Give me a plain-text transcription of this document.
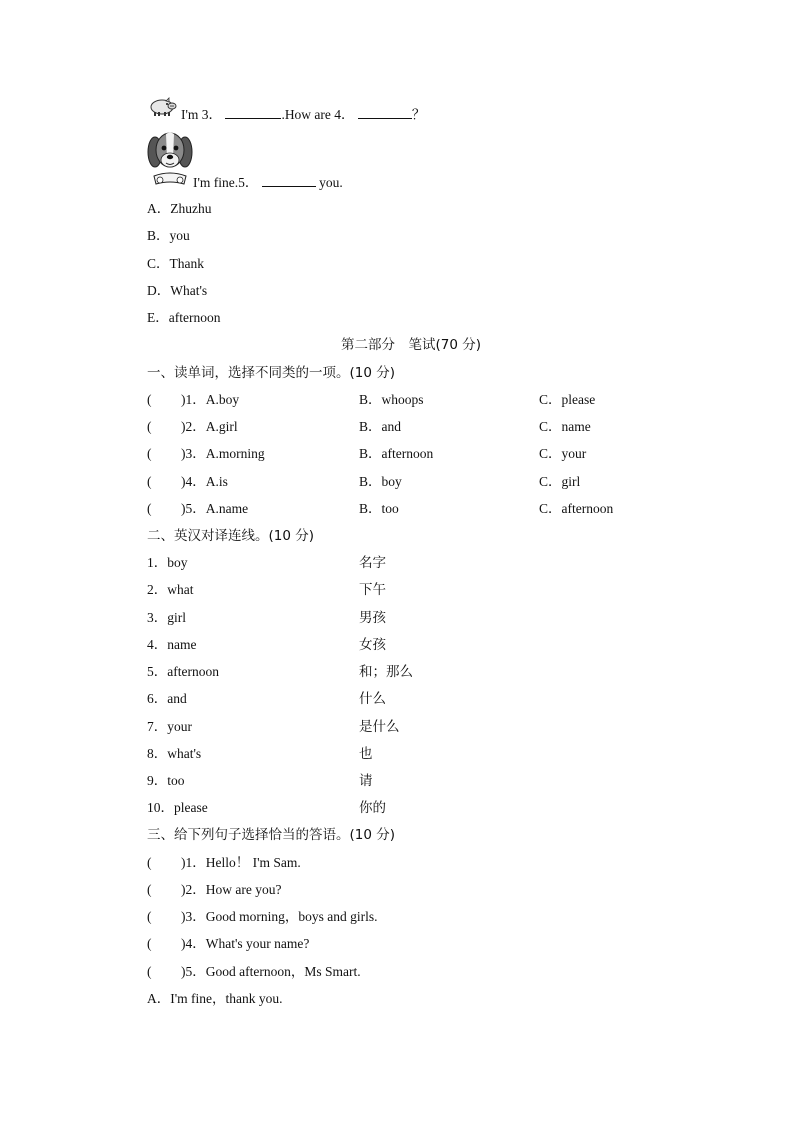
I'm 3．	.How are 4．	？
I'm fine.5．	you.
A．Zhuzhu
B．you
C．Thank
D．What's
E．afternoon
第二部分　笔试(70 分)
一、读单词，选择不同类的一项。(10 分)
( )1．A.boy	B．whoops	C．please
( )2．A.girl	B．and	C．name
( )3．A.morning	B．afternoon	C．your
( )4．A.is	B．boy	C．girl
( )5．A.name	B．too	C．afternoon
二、英汉对译连线。(10 分)
1．boy	名字
2．what	下午
3．girl	男孩
4．name	女孩
5．afternoon	和；那么
6．and	什么
7．your	是什么
8．what's	也
9．too	请
10．please	你的
三、给下列句子选择恰当的答语。(10 分)
( )1．Hello！ I'm Sam.
( )2．How are you?
( )3．Good morning，boys and girls.
( )4．What's your name?
( )5．Good afternoon，Ms Smart.
A．I'm fine，thank you.
